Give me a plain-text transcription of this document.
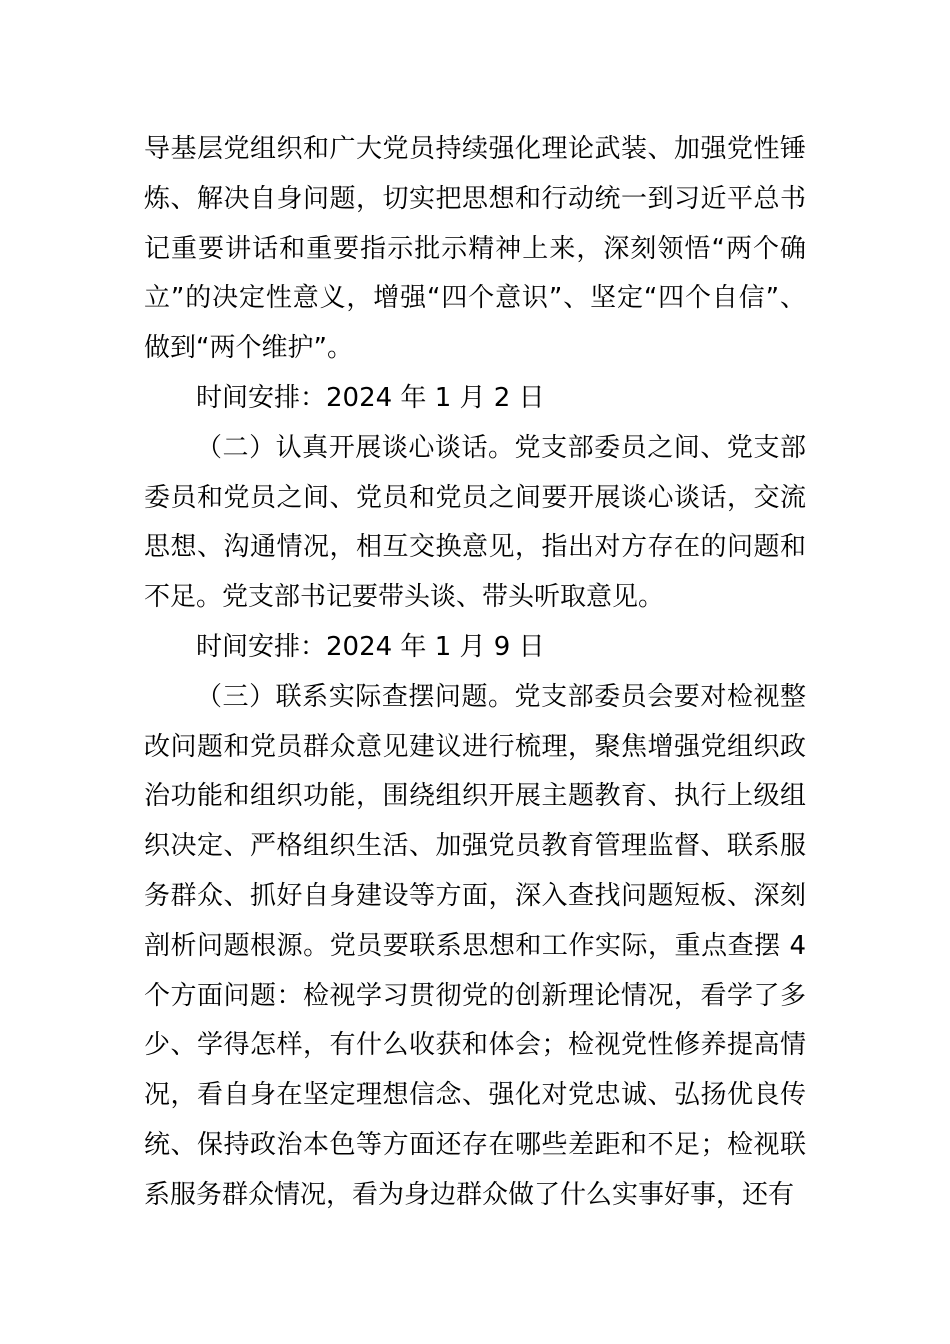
导基层党组织和广大党员持续强化理论武装、加强党性锤炼、解决自身问题，切实把思想和行动统一到习近平总书记重要讲话和重要指示批示精神上来，深刻领悟“两个确立”的决定性意义，增强“四个意识”、坚定“四个自信”、做到“两个维护”。

时间安排：2024 年 1 月 2 日

（二）认真开展谈心谈话。党支部委员之间、党支部委员和党员之间、党员和党员之间要开展谈心谈话，交流思想、沟通情况，相互交换意见，指出对方存在的问题和不足。党支部书记要带头谈、带头听取意见。

时间安排：2024 年 1 月 9 日

（三）联系实际查摆问题。党支部委员会要对检视整改问题和党员群众意见建议进行梳理，聚焦增强党组织政治功能和组织功能，围绕组织开展主题教育、执行上级组织决定、严格组织生活、加强党员教育管理监督、联系服务群众、抓好自身建设等方面，深入查找问题短板、深刻剖析问题根源。党员要联系思想和工作实际，重点查摆 4 个方面问题：检视学习贯彻党的创新理论情况，看学了多少、学得怎样，有什么收获和体会；检视党性修养提高情况，看自身在坚定理想信念、强化对党忠诚、弘扬优良传统、保持政治本色等方面还存在哪些差距和不足；检视联系服务群众情况，看为身边群众做了什么实事好事，还有
